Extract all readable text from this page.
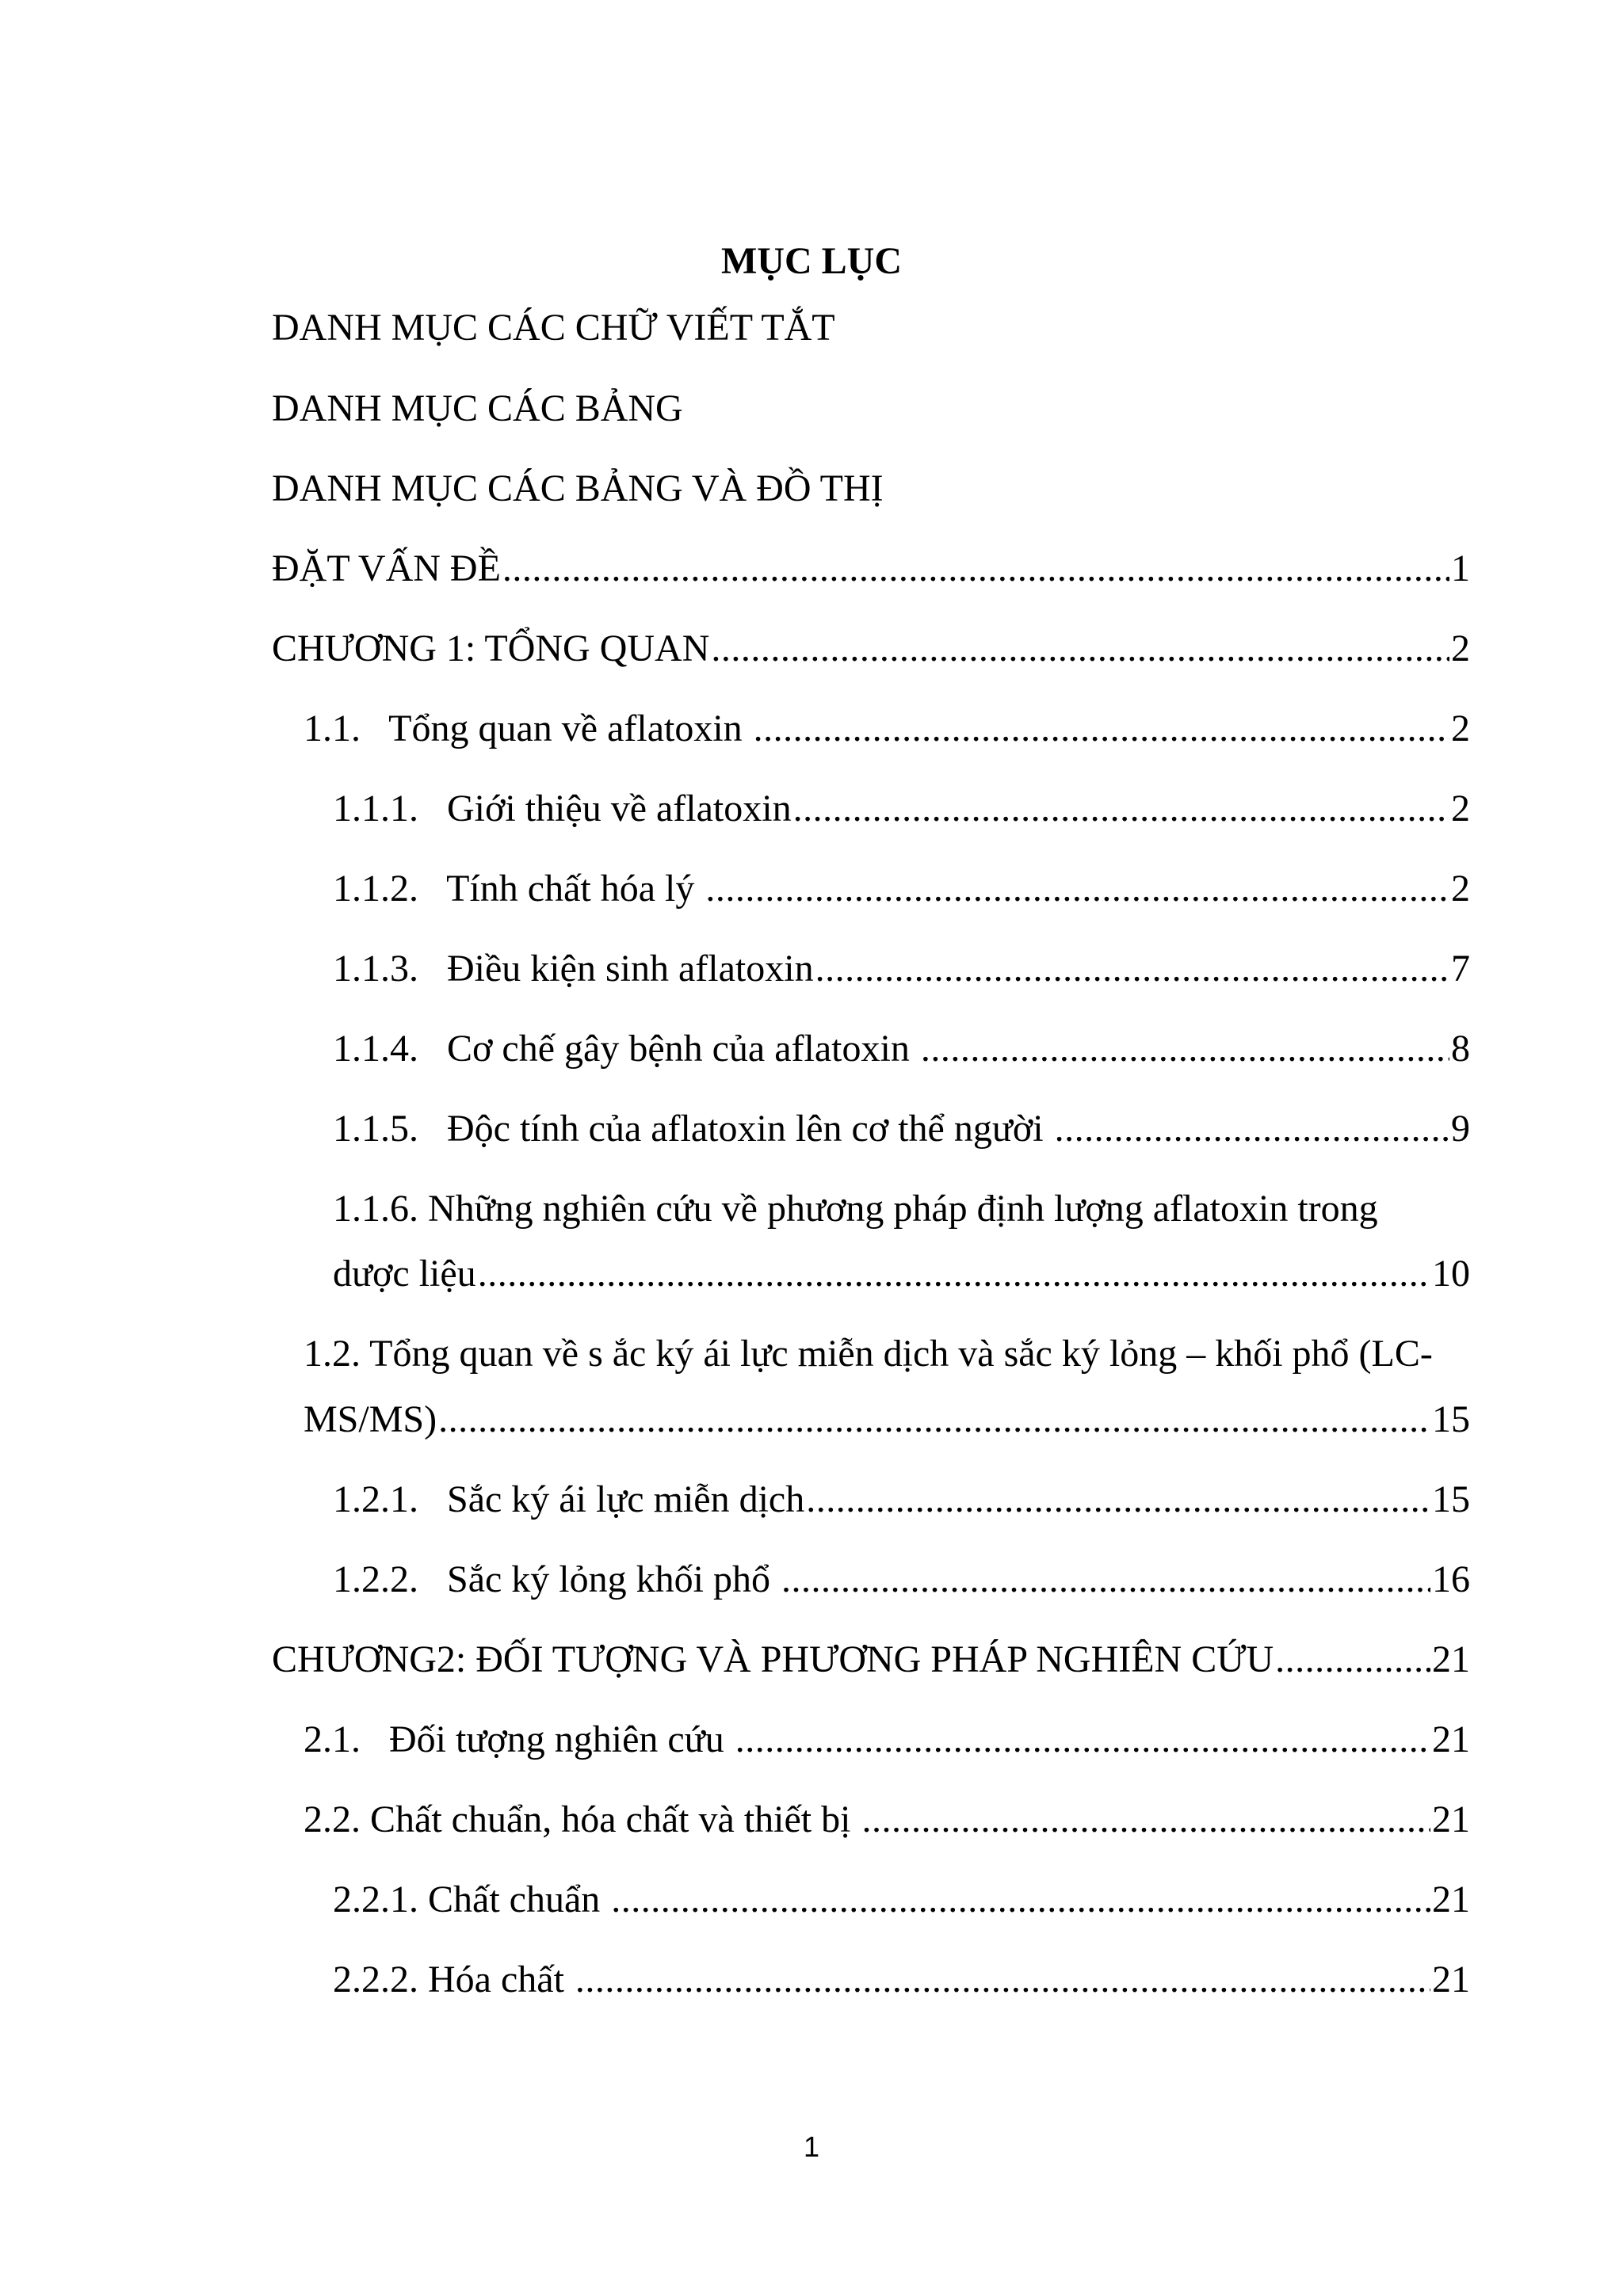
MỤC LỤC
DANH MỤC CÁC CHỮ VIẾT TẮT
DANH MỤC CÁC BẢNG
DANH MỤC CÁC BẢNG VÀ ĐỒ THỊ
ĐẶT VẤN ĐỀ .....	1
CHƯƠNG 1: TỔNG QUAN .....	2
1.1.   Tổng quan về aflatoxin .....	2
1.1.1.   Giới thiệu về aflatoxin .....	2
1.1.2.   Tính chất hóa lý .....	2
1.1.3.   Điều kiện sinh aflatoxin .....	7
1.1.4.   Cơ chế gây bệnh của aflatoxin .....	8
1.1.5.   Độc tính của aflatoxin lên cơ thể người .....	9
1.1.6. Những nghiên cứu về phương pháp định lượng aflatoxin trong
dược liệu .....	10
1.2. Tổng quan về s ắc ký ái lực miễn dịch và sắc ký lỏng – khối phổ (LC-
MS/MS) .....	15
1.2.1.   Sắc ký ái lực miễn dịch .....	15
1.2.2.   Sắc ký lỏng khối phổ .....	16
CHƯƠNG2: ĐỐI TƯỢNG VÀ PHƯƠNG PHÁP NGHIÊN CỨU .....	21
2.1.   Đối tượng nghiên cứu .....	21
2.2. Chất chuẩn, hóa chất và thiết bị .....	21
2.2.1. Chất chuẩn .....	21
2.2.2. Hóa chất .....	21
1
